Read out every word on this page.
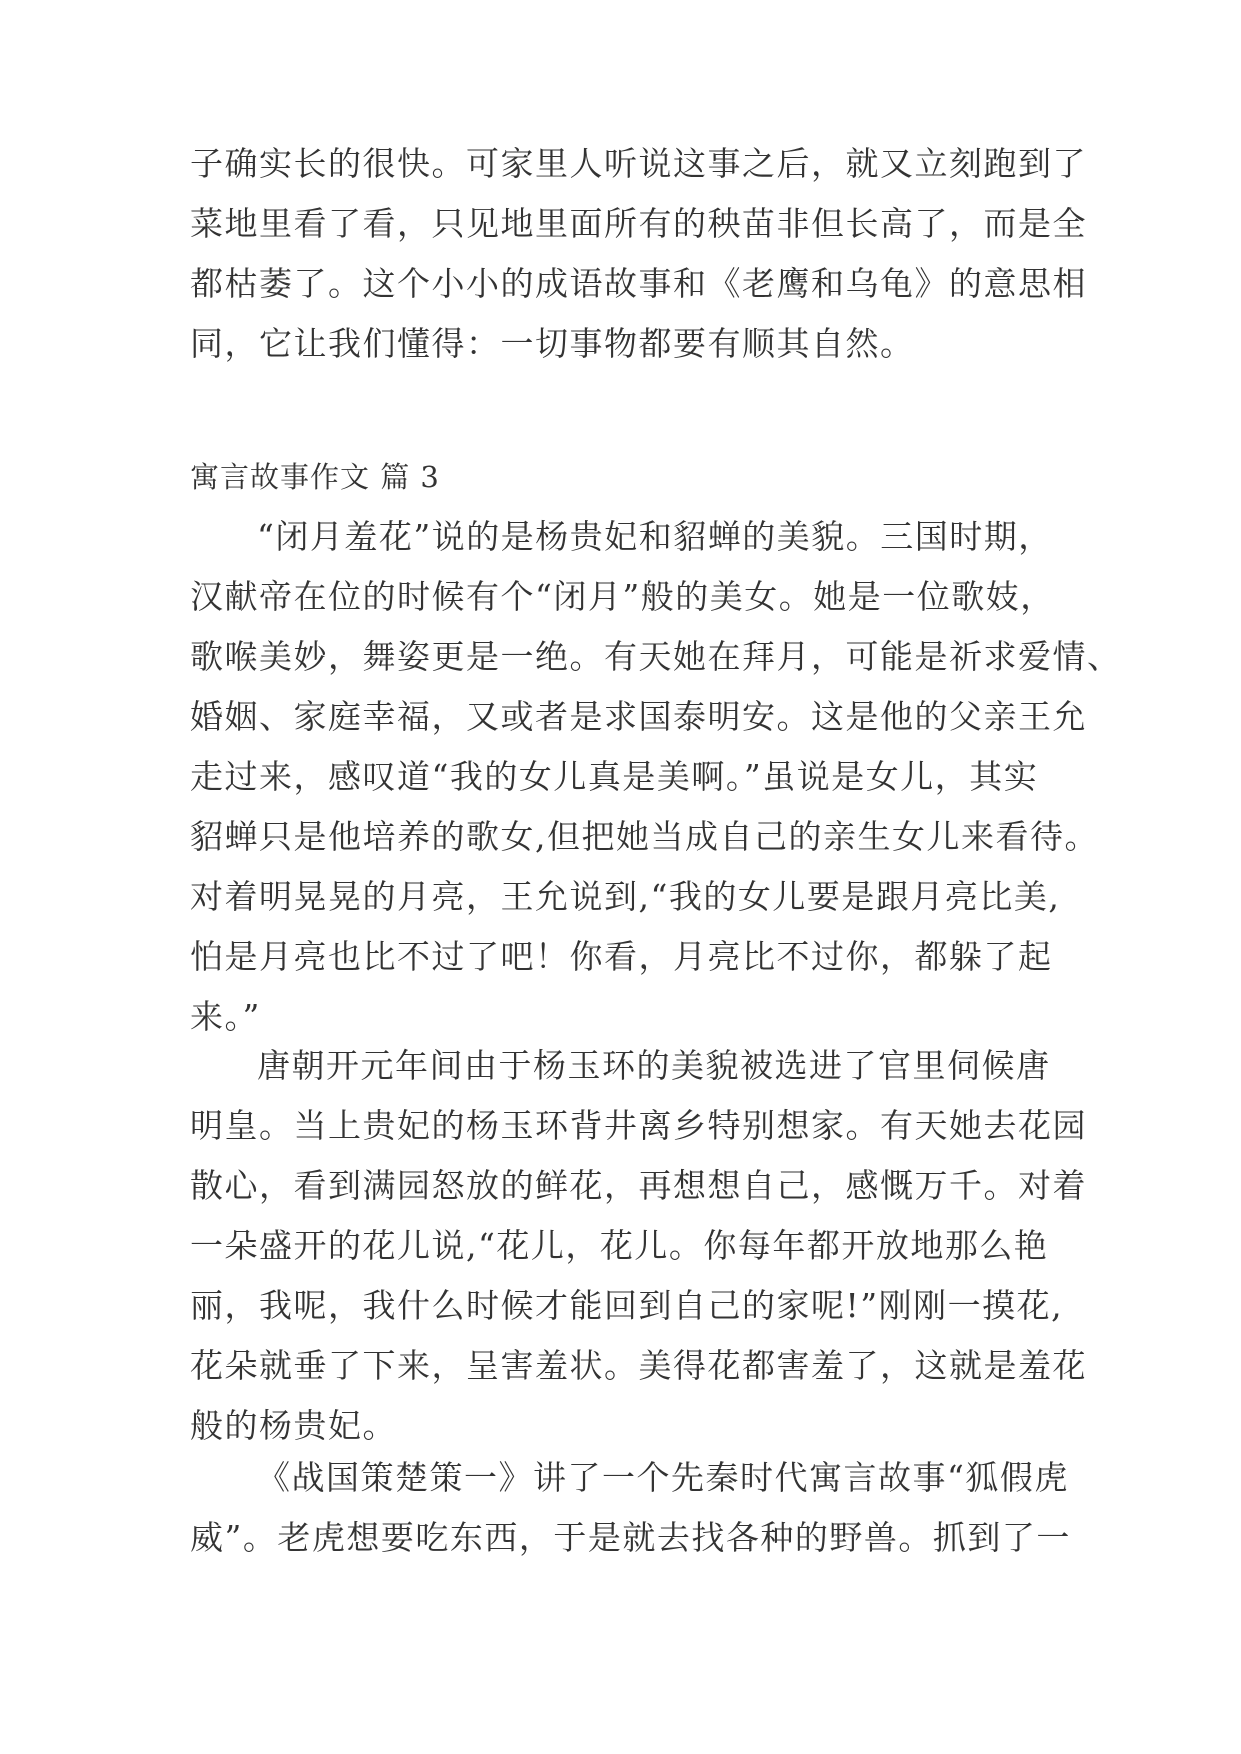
子确实长的很快。可家里人听说这事之后，就又立刻跑到了
菜地里看了看，只见地里面所有的秧苗非但长高了，而是全
都枯萎了。这个小小的成语故事和《老鹰和乌龟》的意思相
同，它让我们懂得：一切事物都要有顺其自然。
寓言故事作文 篇 3
“闭月羞花”说的是杨贵妃和貂蝉的美貌。三国时期，
汉献帝在位的时候有个“闭月”般的美女。她是一位歌妓，
歌喉美妙，舞姿更是一绝。有天她在拜月，可能是祈求爱情、
婚姻、家庭幸福，又或者是求国泰明安。这是他的父亲王允
走过来，感叹道“我的女儿真是美啊。”虽说是女儿，其实
貂蝉只是他培养的歌女,但把她当成自己的亲生女儿来看待。
对着明晃晃的月亮，王允说到,“我的女儿要是跟月亮比美,
怕是月亮也比不过了吧！你看，月亮比不过你，都躲了起
来。”
唐朝开元年间由于杨玉环的美貌被选进了官里伺候唐
明皇。当上贵妃的杨玉环背井离乡特别想家。有天她去花园
散心，看到满园怒放的鲜花，再想想自己，感慨万千。对着
一朵盛开的花儿说,“花儿，花儿。你每年都开放地那么艳
丽，我呢，我什么时候才能回到自己的家呢!”刚刚一摸花,
花朵就垂了下来，呈害羞状。美得花都害羞了，这就是羞花
般的杨贵妃。
《战国策楚策一》讲了一个先秦时代寓言故事“狐假虎
威”。老虎想要吃东西，于是就去找各种的野兽。抓到了一
